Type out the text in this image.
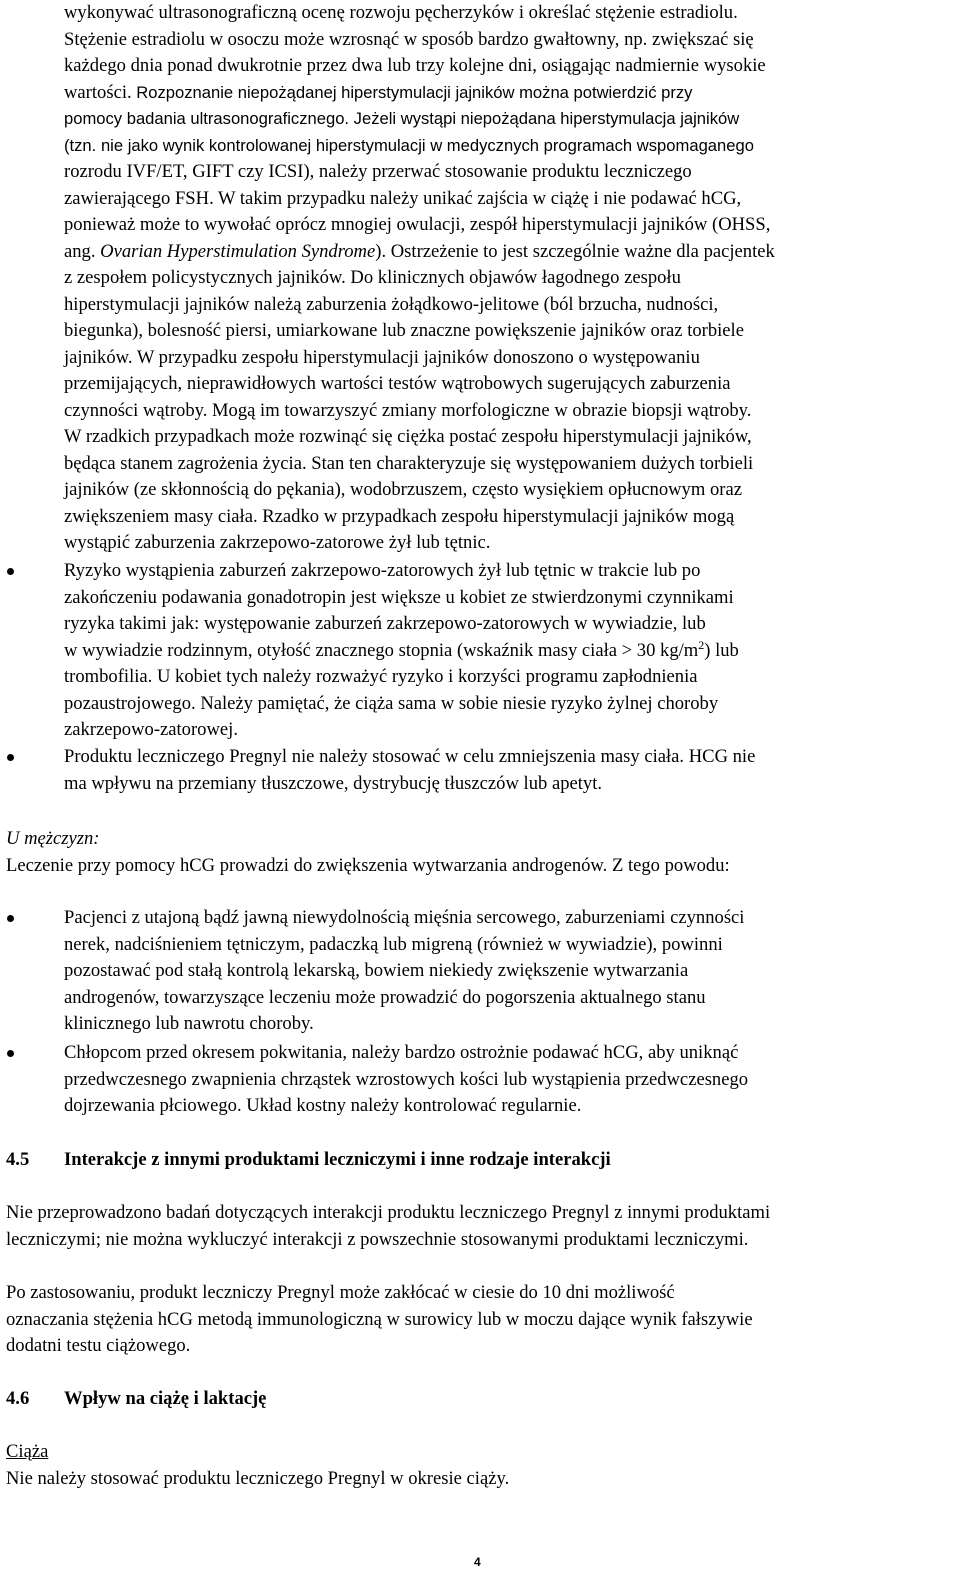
wykonywać ultrasonograficzną ocenę rozwoju pęcherzyków i określać stężenie estradiolu.
Stężenie estradiolu w osoczu może wzrosnąć w sposób bardzo gwałtowny, np. zwiększać się
każdego dnia ponad dwukrotnie przez dwa lub trzy kolejne dni, osiągając nadmiernie wysokie
wartości. Rozpoznanie niepożądanej hiperstymulacji jajników można potwierdzić przy
pomocy badania ultrasonograficznego. Jeżeli wystąpi niepożądana hiperstymulacja jajników
(tzn. nie jako wynik kontrolowanej hiperstymulacji w medycznych programach wspomaganego
rozrodu IVF/ET, GIFT czy ICSI), należy przerwać stosowanie produktu leczniczego
zawierającego FSH. W takim przypadku należy unikać zajścia w ciążę i nie podawać hCG,
ponieważ może to wywołać oprócz mnogiej owulacji, zespół hiperstymulacji jajników (OHSS,
ang. Ovarian Hyperstimulation Syndrome). Ostrzeżenie to jest szczególnie ważne dla pacjentek
z zespołem policystycznych jajników. Do klinicznych objawów łagodnego zespołu
hiperstymulacji jajników należą zaburzenia żołądkowo-jelitowe (ból brzucha, nudności,
biegunka), bolesność piersi, umiarkowane lub znaczne powiększenie jajników oraz torbiele
jajników. W przypadku zespołu hiperstymulacji jajników donoszono o występowaniu
przemijających, nieprawidłowych wartości testów wątrobowych sugerujących zaburzenia
czynności wątroby. Mogą im towarzyszyć zmiany morfologiczne w obrazie biopsji wątroby.
W rzadkich przypadkach może rozwinąć się ciężka postać zespołu hiperstymulacji jajników,
będąca stanem zagrożenia życia. Stan ten charakteryzuje się występowaniem dużych torbieli
jajników (ze skłonnością do pękania), wodobrzuszem, często wysiękiem opłucnowym oraz
zwiększeniem masy ciała. Rzadko w przypadkach zespołu hiperstymulacji jajników mogą
wystąpić zaburzenia zakrzepowo-zatorowe żył lub tętnic.
Ryzyko wystąpienia zaburzeń zakrzepowo-zatorowych żył lub tętnic w trakcie lub po
zakończeniu podawania gonadotropin jest większe u kobiet ze stwierdzonymi czynnikami
ryzyka takimi jak: występowanie zaburzeń zakrzepowo-zatorowych w wywiadzie, lub
w wywiadzie rodzinnym, otyłość znacznego stopnia (wskaźnik masy ciała > 30 $kg/m^2$) lub
trombofilia. U kobiet tych należy rozważyć ryzyko i korzyści programu zapłodnienia
pozaustrojowego. Należy pamiętać, że ciąża sama w sobie niesie ryzyko żylnej choroby
zakrzepowo-zatorowej.
Produktu leczniczego Pregnyl nie należy stosować w celu zmniejszenia masy ciała. HCG nie
ma wpływu na przemiany tłuszczowe, dystrybucję tłuszczów lub apetyt.
U mężczyzn:
Leczenie przy pomocy hCG prowadzi do zwiększenia wytwarzania androgenów. Z tego powodu:
Pacjenci z utajoną bądź jawną niewydolnością mięśnia sercowego, zaburzeniami czynności
nerek, nadciśnieniem tętniczym, padaczką lub migreną (również w wywiadzie), powinni
pozostawać pod stałą kontrolą lekarską, bowiem niekiedy zwiększenie wytwarzania
androgenów, towarzyszące leczeniu może prowadzić do pogorszenia aktualnego stanu
klinicznego lub nawrotu choroby.
Chłopcom przed okresem pokwitania, należy bardzo ostrożnie podawać hCG, aby uniknąć
przedwczesnego zwapnienia chrząstek wzrostowych kości lub wystąpienia przedwczesnego
dojrzewania płciowego. Układ kostny należy kontrolować regularnie.
4.5 Interakcje z innymi produktami leczniczymi i inne rodzaje interakcji
Nie przeprowadzono badań dotyczących interakcji produktu leczniczego Pregnyl z innymi produktami
leczniczymi; nie można wykluczyć interakcji z powszechnie stosowanymi produktami leczniczymi.
Po zastosowaniu, produkt leczniczy Pregnyl może zakłócać w ciesie do 10 dni możliwość
oznaczania stężenia hCG metodą immunologiczną w surowicy lub w moczu dające wynik fałszywie
dodatni testu ciążowego.
4.6 Wpływ na ciążę i laktację
Ciąża
Nie należy stosować produktu leczniczego Pregnyl w okresie ciąży.
4
